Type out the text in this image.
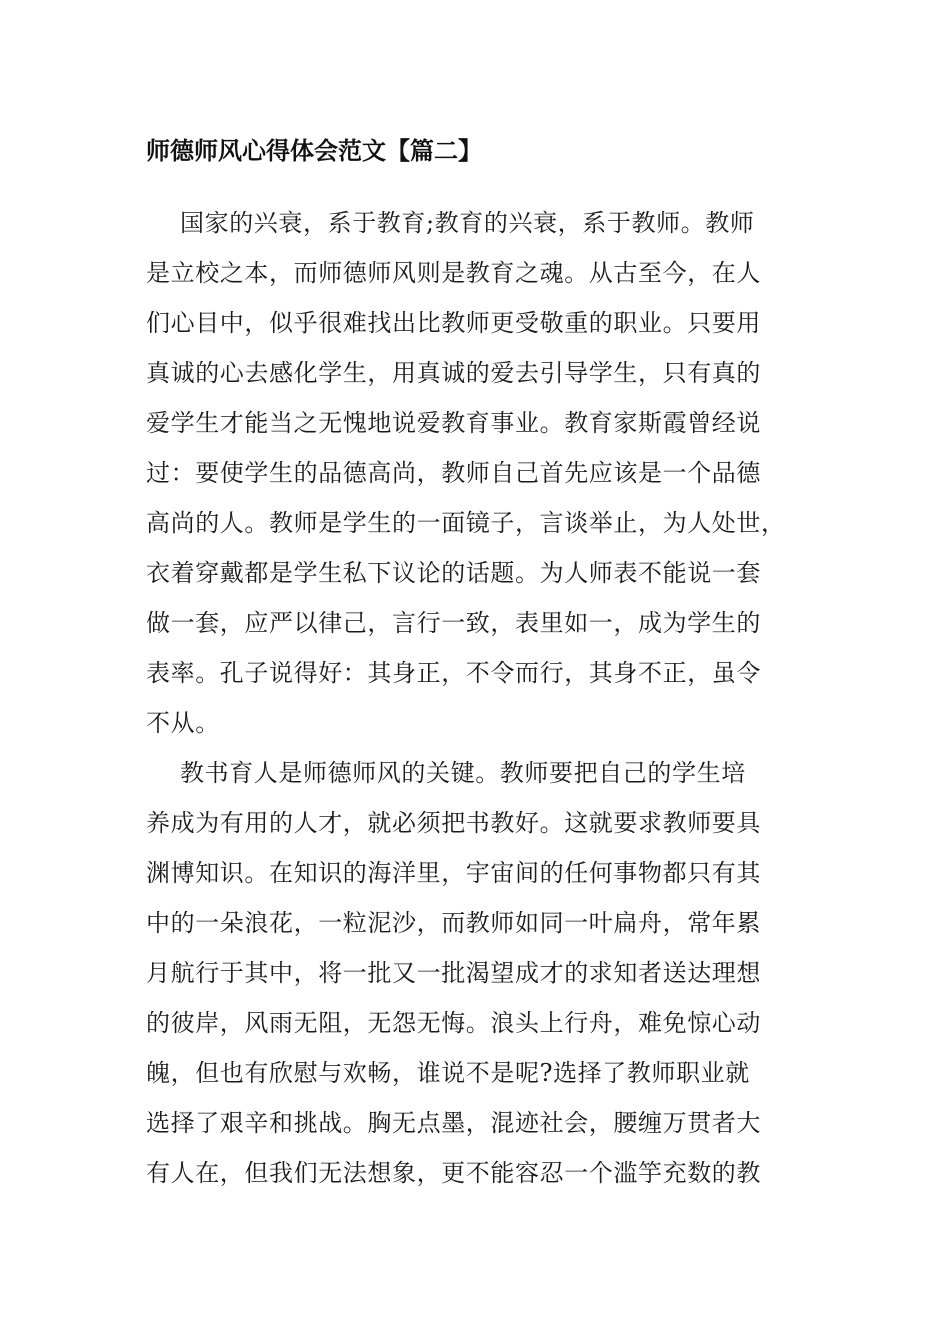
师德师风心得体会范文【篇二】

国家的兴衰，系于教育;教育的兴衰，系于教师。教师

是立校之本，而师德师风则是教育之魂。从古至今，在人

们心目中，似乎很难找出比教师更受敬重的职业。只要用

真诚的心去感化学生，用真诚的爱去引导学生，只有真的

爱学生才能当之无愧地说爱教育事业。教育家斯霞曾经说

过：要使学生的品德高尚，教师自己首先应该是一个品德

高尚的人。教师是学生的一面镜子，言谈举止，为人处世，

衣着穿戴都是学生私下议论的话题。为人师表不能说一套

做一套，应严以律己，言行一致，表里如一，成为学生的

表率。孔子说得好：其身正，不令而行，其身不正，虽令

不从。

教书育人是师德师风的关键。教师要把自己的学生培

养成为有用的人才，就必须把书教好。这就要求教师要具

渊博知识。在知识的海洋里，宇宙间的任何事物都只有其

中的一朵浪花，一粒泥沙，而教师如同一叶扁舟，常年累

月航行于其中，将一批又一批渴望成才的求知者送达理想

的彼岸，风雨无阻，无怨无悔。浪头上行舟，难免惊心动

魄，但也有欣慰与欢畅，谁说不是呢?选择了教师职业就

选择了艰辛和挑战。胸无点墨，混迹社会，腰缠万贯者大

有人在，但我们无法想象，更不能容忍一个滥竽充数的教
